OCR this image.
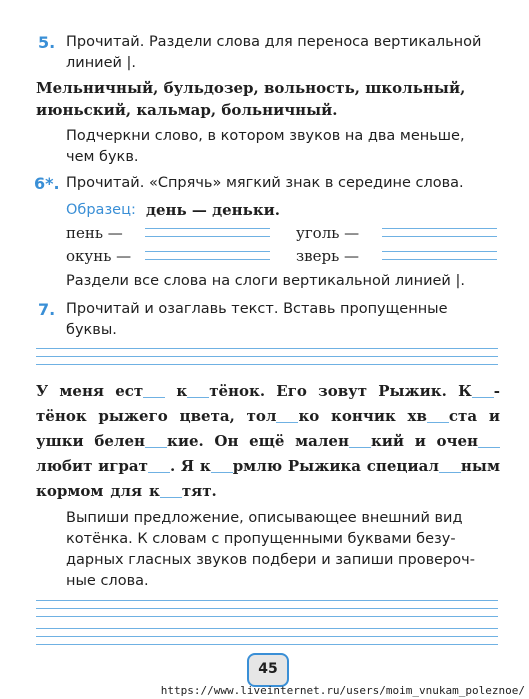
5. Прочитай. Раздели слова для переноса вертикальной
линией |.
Мельничный, бульдозер, вольность, школьный,
июньский, кальмар, больничный.
Подчеркни слово, в котором звуков на два меньше,
чем букв.
6*. Прочитай. «Спрячь» мягкий знак в середине слова.
Образец: день — деньки.
пень —	уголь —
окунь —	зверь —
Раздели все слова на слоги вертикальной линией |.
7. Прочитай и озаглавь текст. Вставь пропущенные
буквы.
У меня ест	к тёнок. Его зовут Рыжик. К -
тёнок рыжего цвета, тол ко кончик хв ста и
ушки белен кие. Он ещё мален кий и очен
любит играт . Я к рмлю Рыжика специал ным
кормом для к тят.
Выпиши предложение, описывающее внешний вид
котёнка. К словам с пропущенными буквами безу-
дарных гласных звуков подбери и запиши провероч-
ные слова.
45
https://www.liveinternet.ru/users/moim_vnukam_poleznoe/
